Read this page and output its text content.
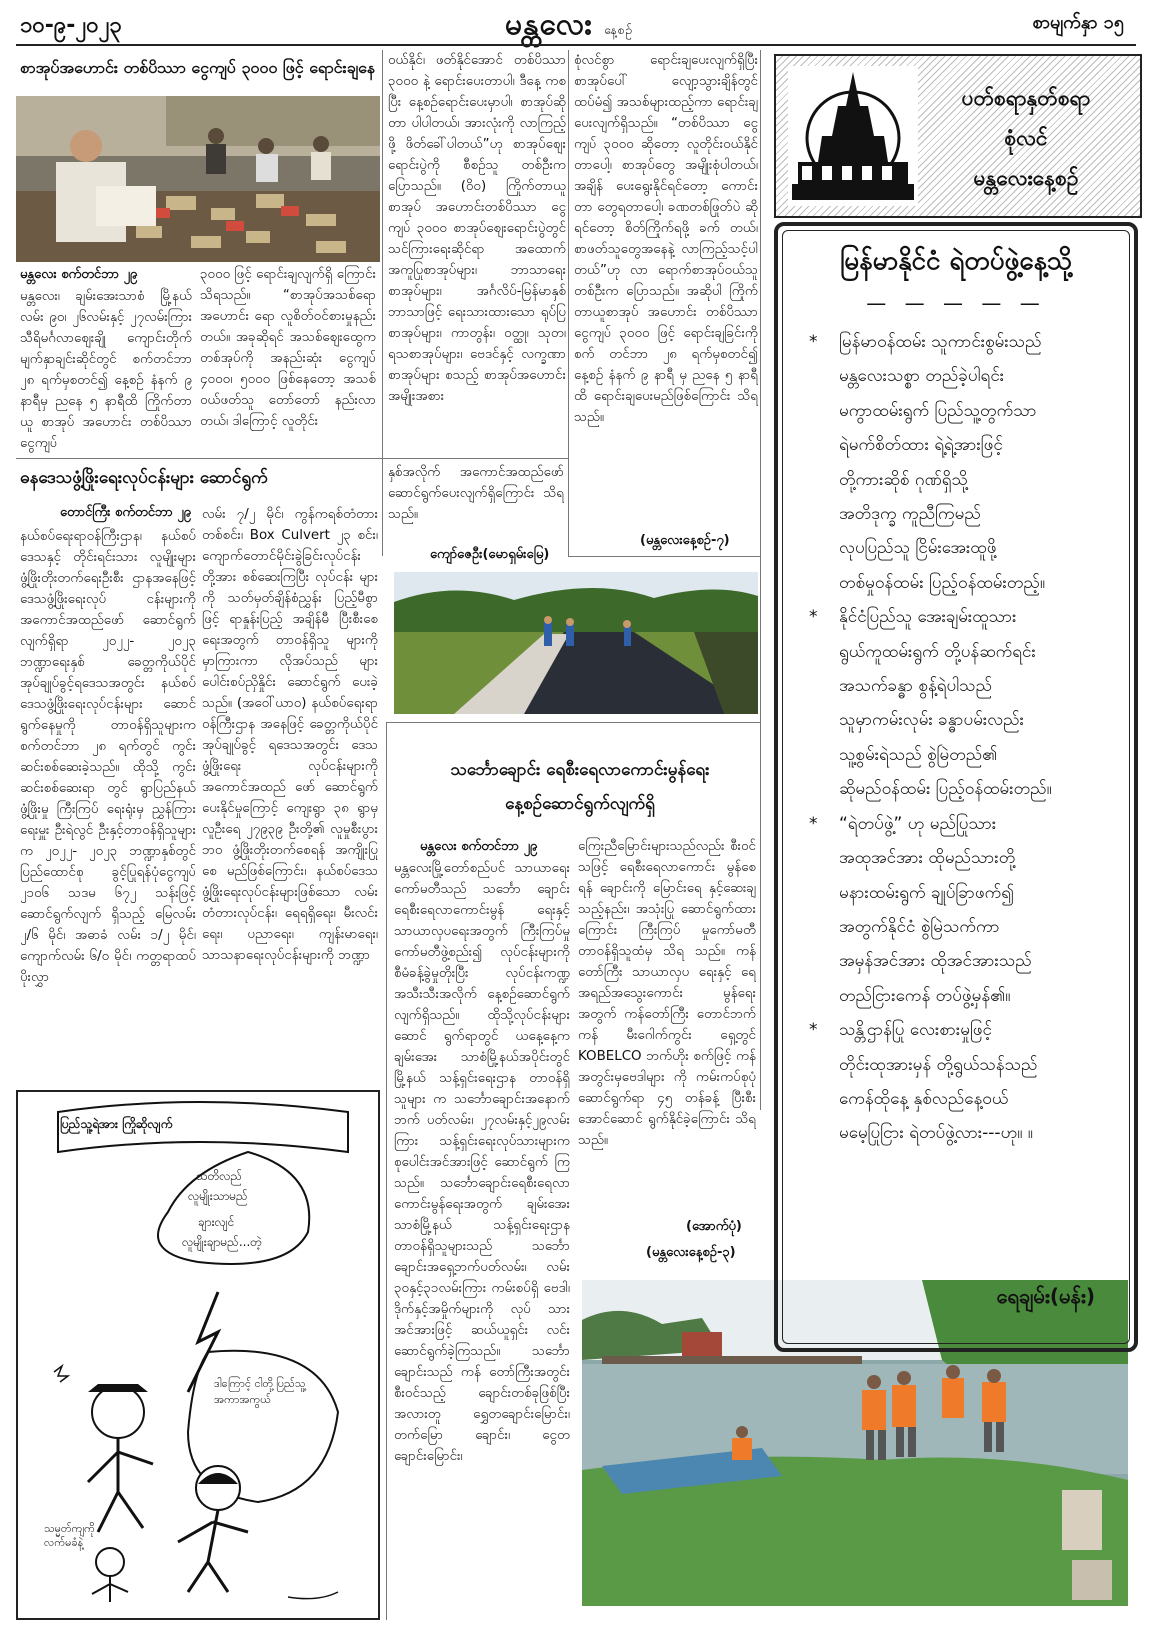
၁၀-၉-၂၀၂၃	မန္တလေး နေ့စဉ်	စာမျက်နှာ ၁၅
စာအုပ်အဟောင်း တစ်ပိဿာ ငွေကျပ် ၃၀၀၀ ဖြင့် ရောင်းချနေ
မန္တလေး စက်တင်ဘာ ၂၉
မန္တလေး၊ ချမ်းအေးသာစံ မြို့နယ် လမ်း ၉၀၊ ၂၆လမ်းနှင့် ၂၇လမ်းကြား သီရိမင်္ဂလာစျေးချို ကျောင်းတိုက် မျက်နှာချင်းဆိုင်တွင် စက်တင်ဘာ ၂၈ ရက်မှစတင်၍ နေ့စဉ် နံနက် ၉ နာရီမှ ညနေ ၅ နာရီထိ ကြိုက်တာယူ စာအုပ် အဟောင်း တစ်ပိဿာ ငွေကျပ်
၃၀၀၀ ဖြင့် ရောင်းချလျက်ရှိ ကြောင်း သိရသည်။ “စာအုပ်အသစ်ရော အဟောင်း ရော လူစိတ်ဝင်စားမှုနည်းတယ်။ အခုဆိုရင် အသစ်စျေးထွေက တစ်အုပ်ကို အနည်းဆုံး ငွေကျပ် ၄၀၀၀၊ ၅၀၀၀ ဖြစ်နေတော့ အသစ်ဝယ်ဖတ်သူ တော်တော် နည်းလာတယ်၊ ဒါကြောင့် လူတိုင်း
ဝယ်နိုင်၊ ဖတ်နိုင်အောင် တစ်ပိဿာ ၃၀၀၀ နဲ့ ရောင်းပေးတာပါ၊ ဒီနေ့ ကစပြီး နေ့စဉ်ရောင်းပေးမှာပါ၊ စာအုပ်ဆိုတာ ပါပါတယ်၊ အားလုံးကို လာကြည့်ဖို့ ဖိတ်ခေါ်ပါတယ်”ဟု စာအုပ်စျေးရောင်းပွဲကို စီစဉ်သူ တစ်ဦးက ပြောသည်။ (ဝိဝ) ကြိုက်တာယူ စာအုပ် အဟောင်းတစ်ပိဿာ ငွေကျပ် ၃၀၀၀ စာအုပ်စျေးရောင်းပွဲတွင် သင်ကြားရေးဆိုင်ရာ အထောက် အကူပြုစာအုပ်များ၊ ဘာသာရေး စာအုပ်များ၊ အင်္ဂလိပ်-မြန်မာနှစ် ဘာသာဖြင့် ရေးသားထားသော ရုပ်ပြစာအုပ်များ၊ ကာတွန်း၊ ဝတ္ထု၊ သုတ၊ ရသစာအုပ်များ၊ ဗေဒင်နှင့် လက္ခဏာစာအုပ်များ စသည့် စာအုပ်အဟောင်းအမျိုးအစား
စုံလင်စွာ ရောင်းချပေးလျက်ရှိပြီး စာအုပ်ပေါ် လျော့သွားချိန်တွင် ထပ်မံ၍ အသစ်များထည့်ကာ ရောင်းချပေးလျက်ရှိသည်။ “တစ်ပိဿာ ငွေကျပ် ၃၀၀၀ ဆိုတော့ လူတိုင်းဝယ်နိုင်တာပေါ့၊ စာအုပ်တွေ အမျိုးစုံပါတယ်၊ အချိန် ပေးရွေးနိုင်ရင်တော့ ကောင်းတာ တွေရတာပေါ့၊ ခဏတစ်ဖြုတ်ပဲ ဆိုရင်တော့ စိတ်ကြိုက်ရဖို့ ခက် တယ်၊ စာဖတ်သူတွေအနေနဲ့ လာကြည့်သင့်ပါတယ်”ဟု လာ ရောက်စာအုပ်ဝယ်သူတစ်ဦးက ပြောသည်။ အဆိုပါ ကြိုက်တာယူစာအုပ် အဟောင်း တစ်ပိဿာငွေကျပ် ၃၀၀၀ ဖြင့် ရောင်းချခြင်းကို စက် တင်ဘာ ၂၈ ရက်မှစတင်၍ နေ့စဉ် နံနက် ၉ နာရီ မှ ညနေ ၅ နာရီထိ ရောင်းချပေးမည်ဖြစ်ကြောင်း သိရ သည်။
(မန္တလေးနေ့စဉ်-၇)
ဓနဒေသဖွံ့ဖြိုးရေးလုပ်ငန်းများ ဆောင်ရွက်
တောင်ကြီး စက်တင်ဘာ ၂၉
နယ်စပ်ရေးရာဝန်ကြီးဌာန၊ နယ်စပ်ဒေသနှင့် တိုင်းရင်းသား လူမျိုးများ ဖွံ့ဖြိုးတိုးတက်ရေးဦးစီး ဌာနအနေဖြင့် ဒေသဖွံ့ဖြိုးရေးလုပ် ငန်းများကို အကောင်အထည်ဖော် ဆောင်ရွက်လျက်ရှိရာ ၂၀၂၂- ၂၀၂၃ ဘဏ္ဍာရေးနှစ် ခေတ္တကိုယ်ပိုင် အုပ်ချုပ်ခွင့်ရဒေသအတွင်း နယ်စပ် ဒေသဖွံ့ဖြိုးရေးလုပ်ငန်းများ ဆောင် ရွက်နေမှုကို တာဝန်ရှိသူများက စက်တင်ဘာ ၂၈ ရက်တွင် ကွင်း ဆင်းစစ်ဆေးခဲ့သည်။ ထိုသို့ ကွင်းဆင်းစစ်ဆေးရာ တွင် ရွာပြည်နယ်ဖွံ့ဖြိုးမှု ကြီးကြပ် ရေးရုံးမှ ညွှန်ကြားရေးမှူး ဦးရဲလွင် ဦးနှင့်တာဝန်ရှိသူများက ၂၀၂၂- ၂၀၂၃ ဘဏ္ဍာနှစ်တွင် ပြည်ထောင်စု ခွင့်ပြုရန်ပုံငွေကျပ် ၂၁၀၆ သဒမ ၆၇၂ သန်းဖြင့် ဆောင်ရွက်လျက် ရှိသည့် မြေလမ်း ၂/၆ မိုင်၊ အဓာခံ လမ်း ၁/၂ မိုင်၊ ကျောက်လမ်း ၆/၀ မိုင်၊ ကတ္တရာထပ်ပိုးလွှာ
လမ်း ၇/၂ မိုင်၊ ကွန်ကရစ်တံတား တစ်စင်း၊ Box Culvert ၂၃ စင်း၊ ကျောက်တောင်မိုင်းခွဲခြင်းလုပ်ငန်း တို့အား စစ်ဆေးကြပြီး လုပ်ငန်း များကို သတ်မှတ်ချိန်စံညွှန်း ပြည့်မီစွာဖြင့် ရာနှုန်းပြည့် အချိန်မီ ပြီးစီးစေရေးအတွက် တာဝန်ရှိသူ များကို မှာကြားကာ လိုအပ်သည် များ ပေါင်းစပ်ညှိနှိုင်း ဆောင်ရွက် ပေးခဲ့သည်။ (အဝေါ်ယာဝ) နယ်စပ်ရေးရာဝန်ကြီးဌာန အနေဖြင့် ခေတ္တကိုယ်ပိုင်အုပ်ချုပ်ခွင့် ရဒေသအတွင်း ဒေသဖွံ့ဖြိုးရေး လုပ်ငန်းများကို အကောင်အထည် ဖော် ဆောင်ရွက်ပေးနိုင်မှုကြောင့် ကျေးရွာ ၃၈ ရွာမှ လူဦးရေ ၂၇၉၃၉ ဦးတို့၏ လူမှုစီးပွားဘဝ ဖွံ့ဖြိုးတိုးတက်စေရန် အကျိုးပြုစေ မည်ဖြစ်ကြောင်း၊ နယ်စပ်ဒေသ ဖွံ့ဖြိုးရေးလုပ်ငန်းများဖြစ်သော လမ်းတံတားလုပ်ငန်း၊ ရေရရှိရေး၊ မီးလင်းရေး၊ ပညာရေး၊ ကျန်းမာရေး၊ သာသနာရေးလုပ်ငန်းများကို ဘဏ္ဍာ
နှစ်အလိုက် အကောင်အထည်ဖော် ဆောင်ရွက်ပေးလျက်ရှိကြောင်း သိရသည်။
ကျော်ဇေဦး(မောရှမ်းမြေ)
သင်္ဘောချောင်း ရေစီးရေလာကောင်းမွန်ရေး
နေ့စဉ်ဆောင်ရွက်လျက်ရှိ
မန္တလေး စက်တင်ဘာ ၂၉
မန္တလေးမြို့တော်စည်ပင် သာယာရေးကော်မတီသည် သင်္ဘော ချောင်း ရေစီးရေလာကောင်းမွန် ရေးနှင့် သာယာလှပရေးအတွက် ကြီးကြပ်မှုကော်မတီဖွဲ့စည်း၍ လုပ်ငန်းများကို စီမံခန့်ခွဲမှုတိုးပြီး လုပ်ငန်းကဏ္ဍအသီးသီးအလိုက် နေ့စဉ်ဆောင်ရွက်လျက်ရှိသည်။ ထိုသို့လုပ်ငန်းများ ဆောင် ရွက်ရာတွင် ယနေ့နေ့က ချမ်းအေး သာစံမြို့နယ်အပိုင်းတွင် မြို့နယ် သန့်ရှင်းရေးဌာန တာဝန်ရှိသူများ က သင်္ဘောချောင်းအနောက်ဘက် ပတ်လမ်း၊ ၂၇လမ်းနှင့်၂၉လမ်း ကြား သန့်ရှင်းရေးလုပ်သားများက စုပေါင်းအင်အားဖြင့် ဆောင်ရွက် ကြသည်။ သင်္ဘောချောင်းရေစီးရေလာ ကောင်းမွန်ရေးအတွက် ချမ်းအေး သာစံမြို့နယ် သန့်ရှင်းရေးဌာန တာဝန်ရှိသူများသည် သင်္ဘော ချောင်းအရှေ့ဘက်ပတ်လမ်း၊ လမ်း ၃၀နှင့်၃၁လမ်းကြား ကမ်းစပ်ရှိ ဗေဒါ၊ ဒိုက်နှင့်အမှိုက်များကို လုပ် သားအင်အားဖြင့် ဆယ်ယူရှင်း လင်းဆောင်ရွက်ခဲ့ကြသည်။ သင်္ဘောချောင်းသည် ကန် တော်ကြီးအတွင်း စီးဝင်သည့် ချောင်းတစ်ခုဖြစ်ပြီး အလားတူ ရွှေတချောင်းမြောင်း၊ တက်မြော ချောင်း၊ ငွေတချောင်းမြောင်း၊
ကြေးညီမြောင်းများသည်လည်း စီးဝင်သဖြင့် ရေစီးရေလာကောင်း မွန်စေရန် ချောင်းကို မြောင်းရေ နှင့်ဆေးချသည့်နည်း၊ အသုံးပြု ဆောင်ရွက်ထားကြောင်း ကြီးကြပ် မှုကော်မတီ တာဝန်ရှိသူထံမှ သိရ သည်။ ကန်တော်ကြီး သာယာလှပ ရေးနှင့် ရေအရည်အသွေးကောင်း မွန်ရေးအတွက် ကန်တော်ကြီး တောင်ဘက်ကန် မီးဂေါက်ကွင်း ရှေ့တွင် KOBELCO ဘက်ဟိုး စက်ဖြင့် ကန်အတွင်းမှဗေဒါများ ကို ကမ်းကပ်စုပုံဆောင်ရွက်ရာ ၄၅ တန်ခန့် ပြီးစီးအောင်ဆောင် ရွက်နိုင်ခဲ့ကြောင်း သိရသည်။
(အောက်ပုံ)
(မန္တလေးနေ့စဉ်-၃)
ပတ်စရာနှတ်စရာ
စုံလင်
မန္တလေးနေ့စဉ်
မြန်မာနိုင်ငံ ရဲတပ်ဖွဲ့နေ့သို့
— — — — —
* မြန်မာဝန်ထမ်း သူကာင်းစွမ်းသည်
မန္တလေးသစ္စာ တည်ခဲ့ပါရင်း
မကွာထမ်းရွက် ပြည်သူ့တွက်သာ
ရဲမက်စိတ်ထား ရဲ့ရဲ့အားဖြင့်
တို့ကားဆိုစ် ဂုဏ်ရှိသို့
အတိဒုက္ခ ကူညီကြမည်
လုပပြည်သူ ငြိမ်းအေးထူဖို့
တစ်မှုဝန်ထမ်း ပြည့်ဝန်ထမ်းတည့်။
* နိုင်ငံပြည်သူ အေးချမ်းထူသား
ရွယ်ကူထမ်းရွက် တို့ပန်ဆက်ရင်း
အသက်ခန္ဓာ စွန့်ရဲပါသည်
သူမှာကမ်းလုမ်း ခန္ဓာပမ်းလည်း
သူ့စွမ်းရဲသည် စွဲမြဲတည်၏
ဆိုမည်ဝန်ထမ်း ပြည့်ဝန်ထမ်းတည်။
* “ရဲတပ်ဖွဲ့” ဟု မည်ပြုသား
အထုအင်အား ထိုမည်သားတို့
မနားထမ်းရွက် ချုပ်ခြာဖက်၍
အတွက်နိုင်ငံ စွဲမြဲသက်ကာ
အမှန်အင်အား ထိုအင်အားသည်
တည်ငြားကေန် တပ်ဖွဲ့မှန်၏။
* သန္တိဌာန်ပြု လေးစားမှုဖြင့်
တိုင်းထုအားမှန် တို့ရွယ်သန်သည်
ကေန်ထိုနေ့ နှစ်လည်နေ့ဝယ်
မမေ့ပြုငြား ရဲတပ်ဖွဲ့လား---ဟု။ ။
ရေချမ်း(မန်း)
ပြည်သူ့ရဲအား ကြိုဆိုလျက်
သတိလည်
လူမျိုးသာမည်
ချားလျင်
လူမျိုးချာမည်...တဲ့
ဒါကြောင့် ငါတို့ပြည်သူ့အကာအကွယ်
သမ္မတ်ကျကို လက်မခံနဲ့
